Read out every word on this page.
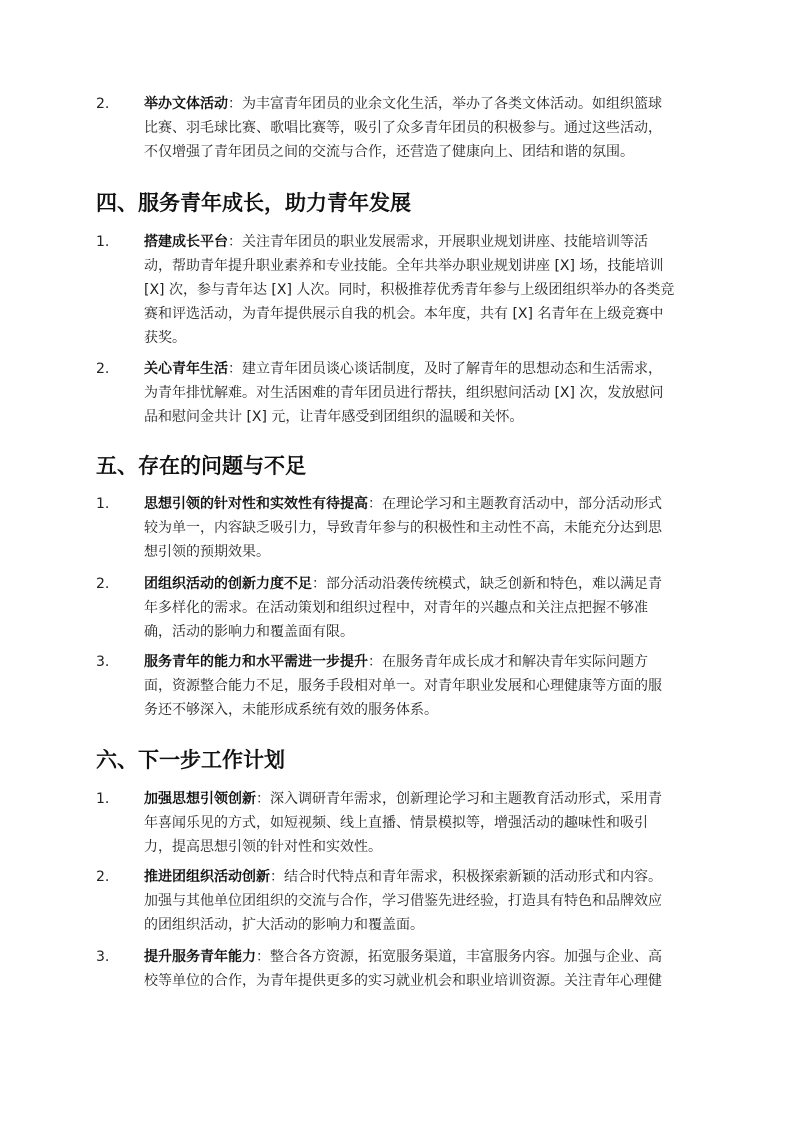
2. 举办文体活动：为丰富青年团员的业余文化生活，举办了各类文体活动。如组织篮球
比赛、羽毛球比赛、歌唱比赛等，吸引了众多青年团员的积极参与。通过这些活动，
不仅增强了青年团员之间的交流与合作，还营造了健康向上、团结和谐的氛围。
四、服务青年成长，助力青年发展
1. 搭建成长平台：关注青年团员的职业发展需求，开展职业规划讲座、技能培训等活
动，帮助青年提升职业素养和专业技能。全年共举办职业规划讲座 [X] 场，技能培训
[X] 次，参与青年达 [X] 人次。同时，积极推荐优秀青年参与上级团组织举办的各类竞
赛和评选活动，为青年提供展示自我的机会。本年度，共有 [X] 名青年在上级竞赛中
获奖。
2. 关心青年生活：建立青年团员谈心谈话制度，及时了解青年的思想动态和生活需求，
为青年排忧解难。对生活困难的青年团员进行帮扶，组织慰问活动 [X] 次，发放慰问
品和慰问金共计 [X] 元，让青年感受到团组织的温暖和关怀。
五、存在的问题与不足
1. 思想引领的针对性和实效性有待提高：在理论学习和主题教育活动中，部分活动形式
较为单一，内容缺乏吸引力，导致青年参与的积极性和主动性不高，未能充分达到思
想引领的预期效果。
2. 团组织活动的创新力度不足：部分活动沿袭传统模式，缺乏创新和特色，难以满足青
年多样化的需求。在活动策划和组织过程中，对青年的兴趣点和关注点把握不够准
确，活动的影响力和覆盖面有限。
3. 服务青年的能力和水平需进一步提升：在服务青年成长成才和解决青年实际问题方
面，资源整合能力不足，服务手段相对单一。对青年职业发展和心理健康等方面的服
务还不够深入，未能形成系统有效的服务体系。
六、下一步工作计划
1. 加强思想引领创新：深入调研青年需求，创新理论学习和主题教育活动形式，采用青
年喜闻乐见的方式，如短视频、线上直播、情景模拟等，增强活动的趣味性和吸引
力，提高思想引领的针对性和实效性。
2. 推进团组织活动创新：结合时代特点和青年需求，积极探索新颖的活动形式和内容。
加强与其他单位团组织的交流与合作，学习借鉴先进经验，打造具有特色和品牌效应
的团组织活动，扩大活动的影响力和覆盖面。
3. 提升服务青年能力：整合各方资源，拓宽服务渠道，丰富服务内容。加强与企业、高
校等单位的合作，为青年提供更多的实习就业机会和职业培训资源。关注青年心理健
